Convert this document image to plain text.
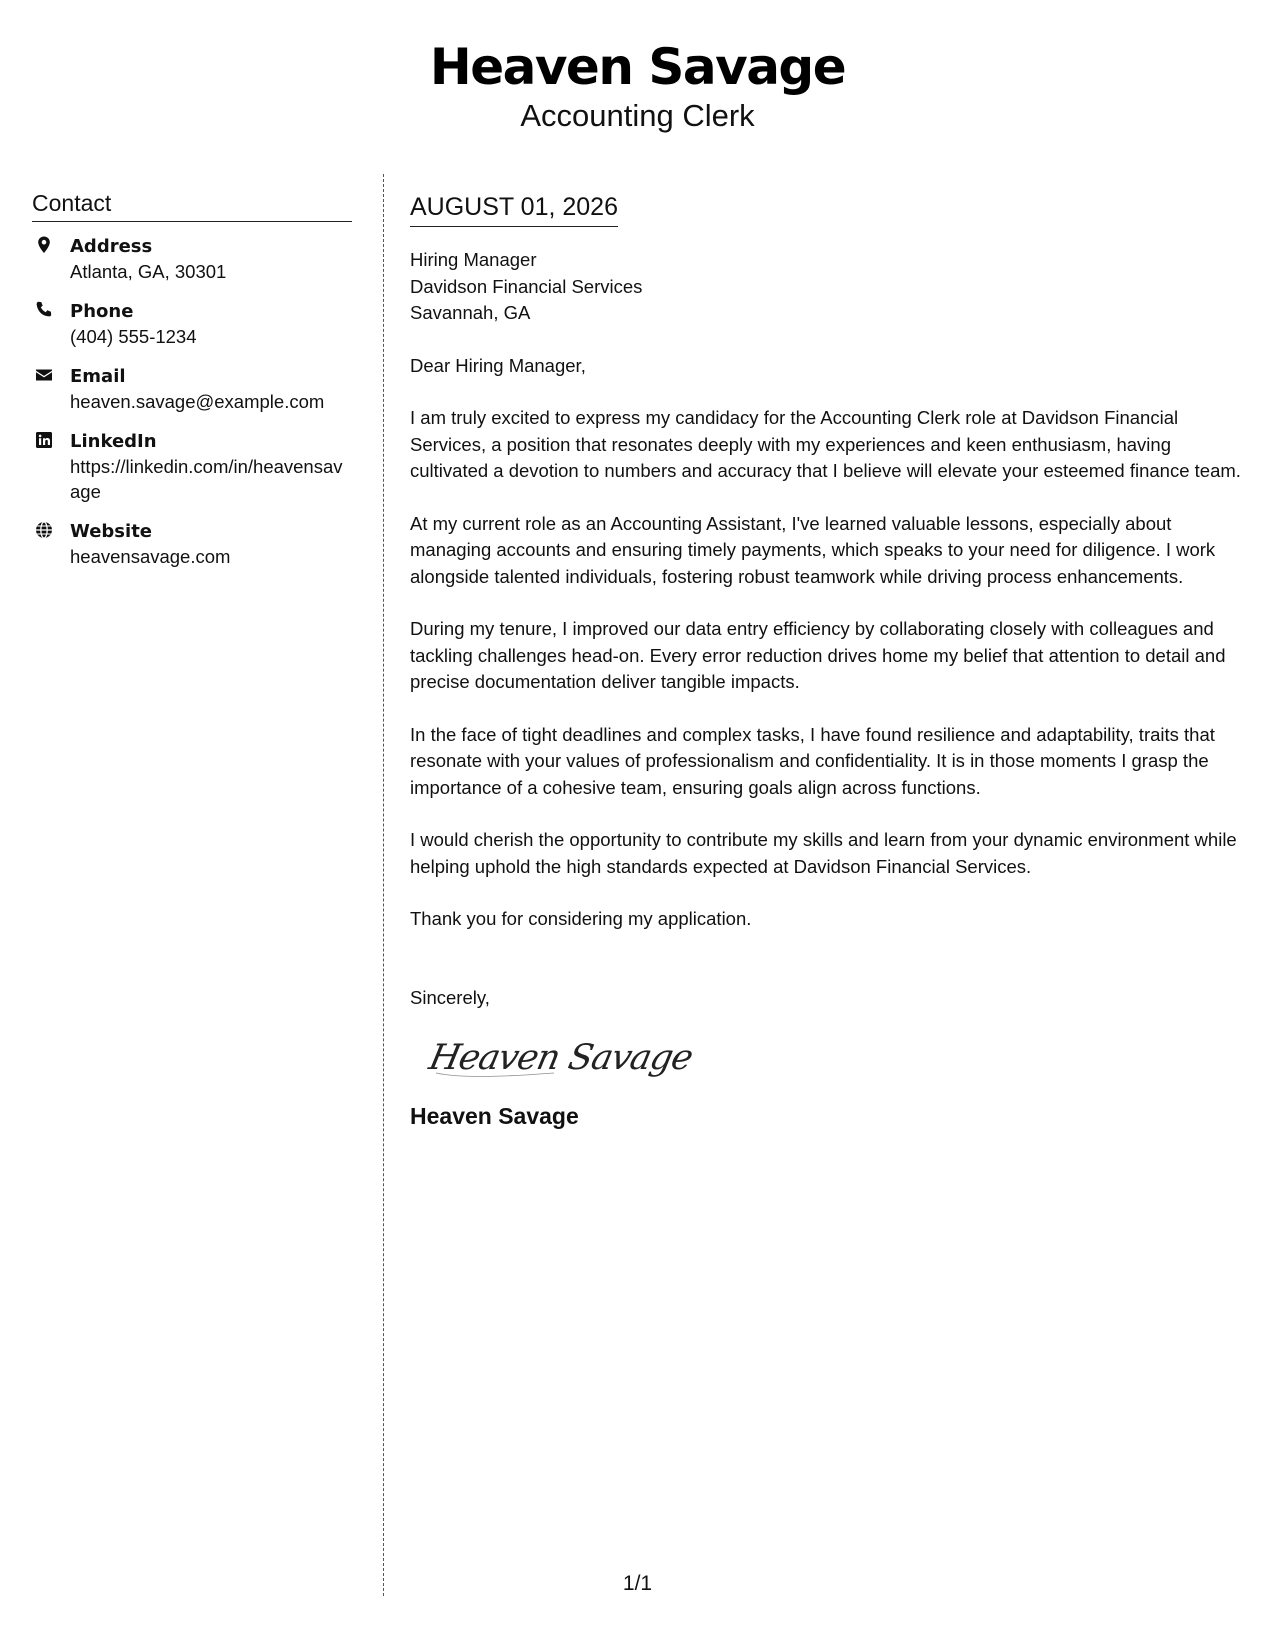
Heaven Savage
Accounting Clerk
Contact
Address
Atlanta, GA, 30301
Phone
(404) 555-1234
Email
heaven.savage@example.com
LinkedIn
https://linkedin.com/in/heavensavage
Website
heavensavage.com
AUGUST 01, 2026
Hiring Manager
Davidson Financial Services
Savannah, GA

Dear Hiring Manager,

I am truly excited to express my candidacy for the Accounting Clerk role at Davidson Financial Services, a position that resonates deeply with my experiences and keen enthusiasm, having cultivated a devotion to numbers and accuracy that I believe will elevate your esteemed finance team.

At my current role as an Accounting Assistant, I've learned valuable lessons, especially about managing accounts and ensuring timely payments, which speaks to your need for diligence. I work alongside talented individuals, fostering robust teamwork while driving process enhancements.

During my tenure, I improved our data entry efficiency by collaborating closely with colleagues and tackling challenges head-on. Every error reduction drives home my belief that attention to detail and precise documentation deliver tangible impacts.

In the face of tight deadlines and complex tasks, I have found resilience and adaptability, traits that resonate with your values of professionalism and confidentiality. It is in those moments I grasp the importance of a cohesive team, ensuring goals align across functions.

I would cherish the opportunity to contribute my skills and learn from your dynamic environment while helping uphold the high standards expected at Davidson Financial Services.

Thank you for considering my application.

Sincerely,
Heaven Savage
Heaven Savage
1/1
